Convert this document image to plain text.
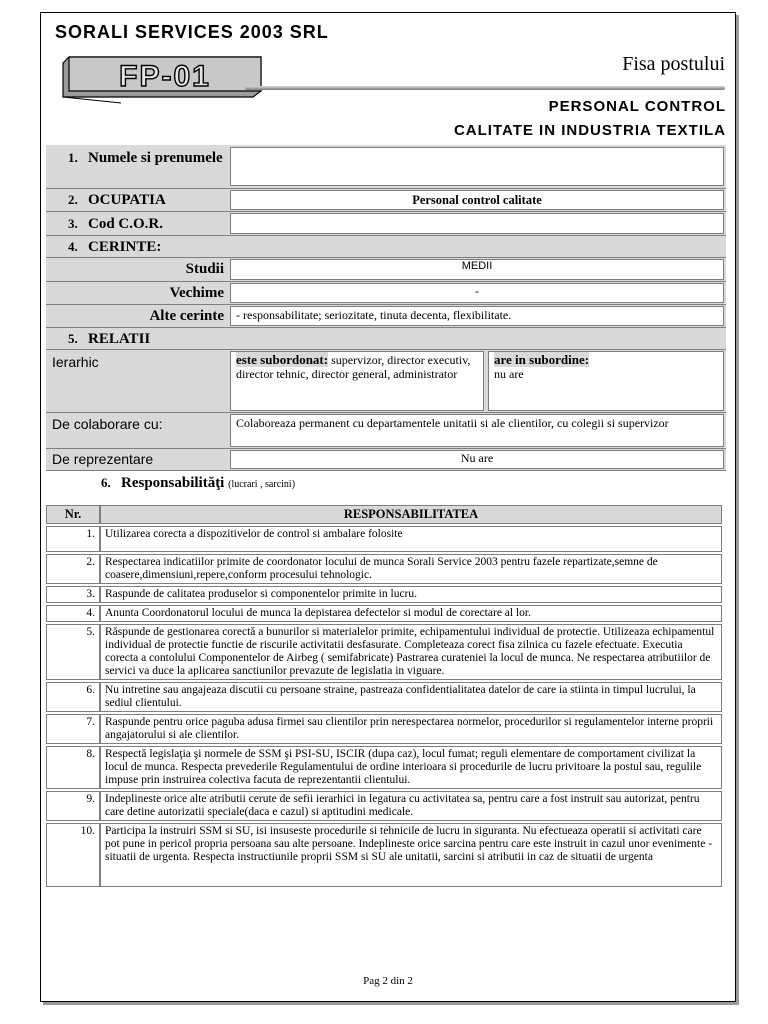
SORALI SERVICES 2003 SRL
FP-01	Fisa postului
PERSONAL CONTROL
CALITATE IN INDUSTRIA TEXTILA
1. Numele si prenumele
2. OCUPATIA	Personal control calitate
3. Cod C.O.R.
4. CERINTE:
Studii	MEDII
Vechime	-
Alte cerinte	- responsabilitate; seriozitate, tinuta decenta, flexibilitate.
5. RELATII
Ierarhic	este subordonat: supervizor, director executiv, director tehnic, director general, administrator
are in subordine:
nu are
De colaborare cu:	Colaboreaza permanent cu departamentele unitatii si ale clientilor, cu colegii si supervizor
De reprezentare	Nu are
6. Responsabilităţi (lucrari , sarcini)
Nr.	RESPONSABILITATEA
1.	Utilizarea corecta a dispozitivelor de control si ambalare folosite
2.	Respectarea indicatiilor primite de coordonator locului de munca Sorali Service 2003 pentru fazele repartizate,semne de coasere,dimensiuni,repere,conform procesului tehnologic.
3.	Raspunde de calitatea produselor si componentelor primite in lucru.
4.	Anunta Coordonatorul locului de munca la depistarea defectelor si modul de corectare al lor.
5.	Răspunde de gestionarea corectă a bunurilor si materialelor primite, echipamentului individual de protectie. Utilizeaza echipamentul individual de protectie functie de riscurile activitatii desfasurate. Completeaza corect fisa zilnica cu fazele efectuate. Executia corecta a contolului Componentelor de Airbeg ( semifabricate) Pastrarea curateniei la locul de munca. Ne respectarea atributiilor de servici va duce la aplicarea sanctiunilor prevazute de legislatia in viguare.
6.	Nu intretine sau angajeaza discutii cu persoane straine, pastreaza confidentialitatea datelor de care ia stiinta in timpul lucrului, la sediul clientului.
7.	Raspunde pentru orice paguba adusa firmei sau clientilor prin nerespectarea normelor, procedurilor si regulamentelor interne proprii angajatorului si ale clientilor.
8.	Respectă legislaţia şi normele de SSM şi PSI-SU, ISCIR (dupa caz), locul fumat; reguli elementare de comportament civilizat la locul de munca. Respecta prevederile Regulamentului de ordine interioara si procedurile de lucru privitoare la postul sau, regulile impuse prin instruirea colectiva facuta de reprezentantii clientului.
9.	Indeplineste orice alte atributii cerute de sefii ierarhici in legatura cu activitatea sa, pentru care a fost instruit sau autorizat, pentru care detine autorizatii speciale(daca e cazul) si aptitudini medicale.
10.	Participa la instruiri SSM si SU, isi insuseste procedurile si tehnicile de lucru in siguranta. Nu efectueaza operatii si activitati care pot pune in pericol propria persoana sau alte persoane. Indeplineste orice sarcina pentru care este instruit in cazul unor evenimente -situatii de urgenta. Respecta instructiunile proprii SSM si SU ale unitatii, sarcini si atributii in caz de situatii de urgenta
Pag 2 din 2
